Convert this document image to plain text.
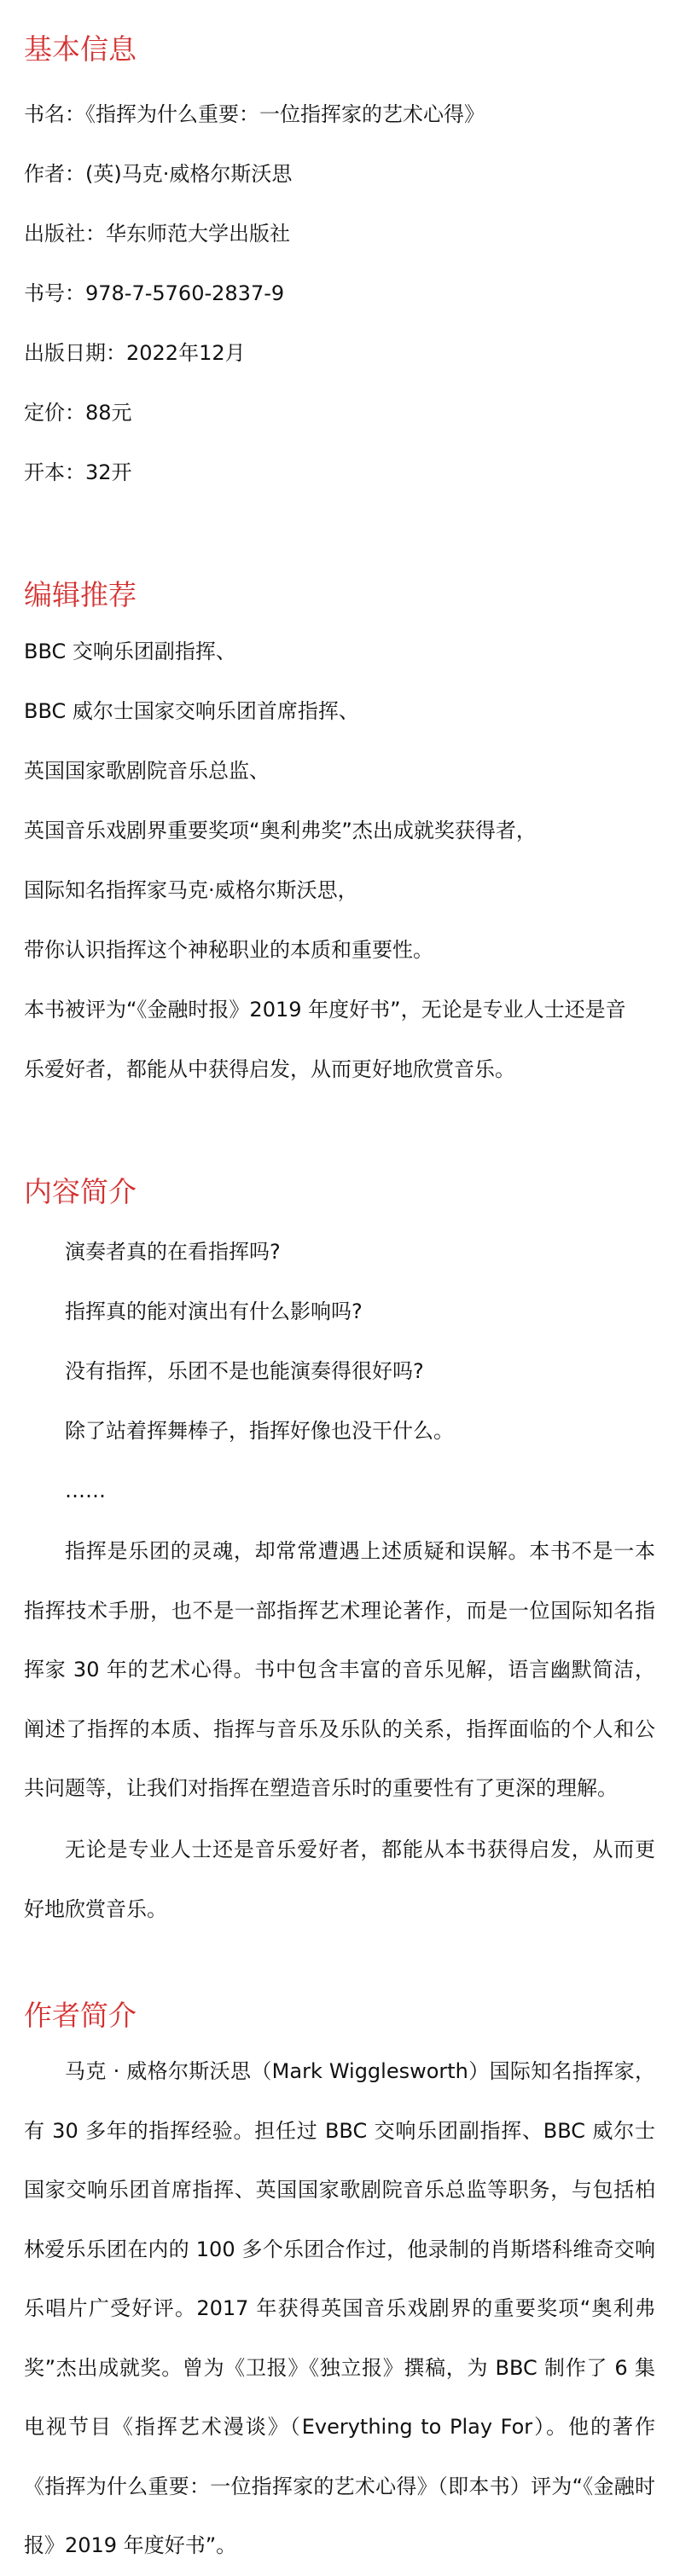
基本信息
书名：《指挥为什么重要：一位指挥家的艺术心得》
作者：(英)马克·威格尔斯沃思
出版社：华东师范大学出版社
书号：978-7-5760-2837-9
出版日期：2022年12月
定价：88元
开本：32开
编辑推荐
BBC 交响乐团副指挥、
BBC 威尔士国家交响乐团首席指挥、
英国国家歌剧院音乐总监、
英国音乐戏剧界重要奖项“奥利弗奖”杰出成就奖获得者，
国际知名指挥家马克·威格尔斯沃思，
带你认识指挥这个神秘职业的本质和重要性。
本书被评为“《金融时报》2019 年度好书”，无论是专业人士还是音
乐爱好者，都能从中获得启发，从而更好地欣赏音乐。
内容简介
演奏者真的在看指挥吗?
指挥真的能对演出有什么影响吗?
没有指挥，乐团不是也能演奏得很好吗?
除了站着挥舞棒子，指挥好像也没干什么。
……
指挥是乐团的灵魂，却常常遭遇上述质疑和误解。本书不是一本指挥技术手册，也不是一部指挥艺术理论著作，而是一位国际知名指挥家 30 年的艺术心得。书中包含丰富的音乐见解，语言幽默简洁，阐述了指挥的本质、指挥与音乐及乐队的关系，指挥面临的个人和公共问题等，让我们对指挥在塑造音乐时的重要性有了更深的理解。
无论是专业人士还是音乐爱好者，都能从本书获得启发，从而更好地欣赏音乐。
作者简介
马克 · 威格尔斯沃思（Mark Wigglesworth）国际知名指挥家，有 30 多年的指挥经验。担任过 BBC 交响乐团副指挥、BBC 威尔士国家交响乐团首席指挥、英国国家歌剧院音乐总监等职务，与包括柏林爱乐乐团在内的 100 多个乐团合作过，他录制的肖斯塔科维奇交响乐唱片广受好评。2017 年获得英国音乐戏剧界的重要奖项“奥利弗奖”杰出成就奖。曾为《卫报》《独立报》撰稿，为 BBC 制作了 6 集电视节目《指挥艺术漫谈》（Everything to Play For）。他的著作《指挥为什么重要：一位指挥家的艺术心得》（即本书）评为“《金融时报》2019 年度好书”。
